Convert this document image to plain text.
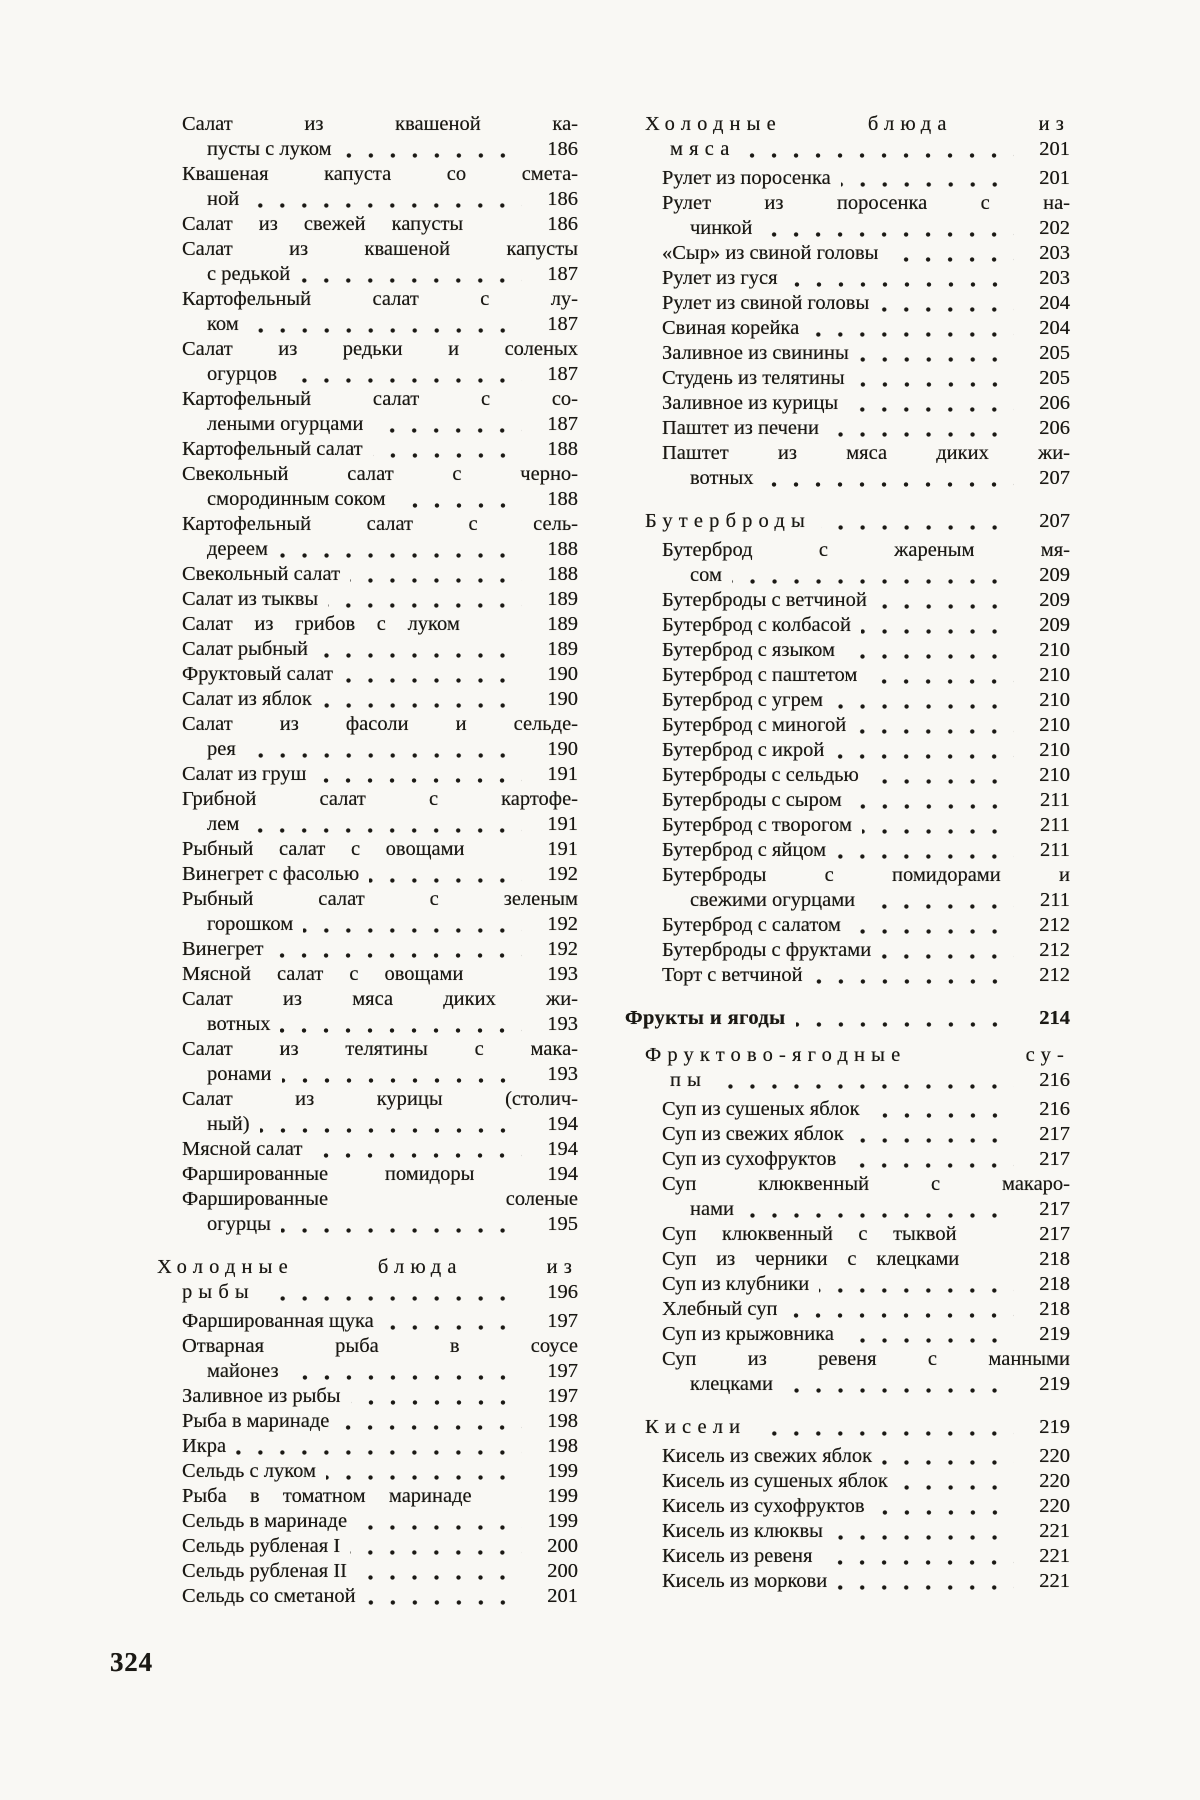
Салат из квашеной ка-
пусты с луком	186
Квашеная капуста со смета-
ной	186
Салат из свежей капусты	186
Салат из квашеной капусты
с редькой	187
Картофельный салат с лу-
ком	187
Салат из редьки и соленых
огурцов	187
Картофельный салат с со-
леными огурцами	187
Картофельный салат	188
Свекольный салат с черно-
смородинным соком	188
Картофельный салат с сель-
дереем	188
Свекольный салат	188
Салат из тыквы	189
Салат из грибов с луком	189
Салат рыбный	189
Фруктовый салат	190
Салат из яблок	190
Салат из фасоли и сельде-
рея	190
Салат из груш	191
Грибной салат с картофе-
лем	191
Рыбный салат с овощами	191
Винегрет с фасолью	192
Рыбный салат с зеленым
горошком	192
Винегрет	192
Мясной салат с овощами	193
Салат из мяса диких жи-
вотных	193
Салат из телятины с мака-
ронами	193
Салат из курицы (столич-
ный)	194
Мясной салат	194
Фаршированные помидоры	194
Фаршированные соленые
огурцы	195
Холодные блюда из
рыбы	196
Фаршированная щука	197
Отварная рыба в соусе
майонез	197
Заливное из рыбы	197
Рыба в маринаде	198
Икра	198
Сельдь с луком	199
Рыба в томатном маринаде	199
Сельдь в маринаде	199
Сельдь рубленая I	200
Сельдь рубленая II	200
Сельдь со сметаной	201
Холодные блюда из
мяса	201
Рулет из поросенка	201
Рулет из поросенка с на-
чинкой	202
«Сыр» из свиной головы	203
Рулет из гуся	203
Рулет из свиной головы	204
Свиная корейка	204
Заливное из свинины	205
Студень из телятины	205
Заливное из курицы	206
Паштет из печени	206
Паштет из мяса диких жи-
вотных	207
Бутерброды	207
Бутерброд с жареным мя-
сом	209
Бутерброды с ветчиной	209
Бутерброд с колбасой	209
Бутерброд с языком	210
Бутерброд с паштетом	210
Бутерброд с угрем	210
Бутерброд с миногой	210
Бутерброд с икрой	210
Бутерброды с сельдью	210
Бутерброды с сыром	211
Бутерброд с творогом	211
Бутерброд с яйцом	211
Бутерброды с помидорами и
свежими огурцами	211
Бутерброд с салатом	212
Бутерброды с фруктами	212
Торт с ветчиной	212
Фрукты и ягоды	214
Фруктово-ягодные су-
пы	216
Суп из сушеных яблок	216
Суп из свежих яблок	217
Суп из сухофруктов	217
Суп клюквенный с макаро-
нами	217
Суп клюквенный с тыквой	217
Суп из черники с клецками	218
Суп из клубники	218
Хлебный суп	218
Суп из крыжовника	219
Суп из ревеня с манными
клецками	219
Кисели	219
Кисель из свежих яблок	220
Кисель из сушеных яблок	220
Кисель из сухофруктов	220
Кисель из клюквы	221
Кисель из ревеня	221
Кисель из моркови	221
324
